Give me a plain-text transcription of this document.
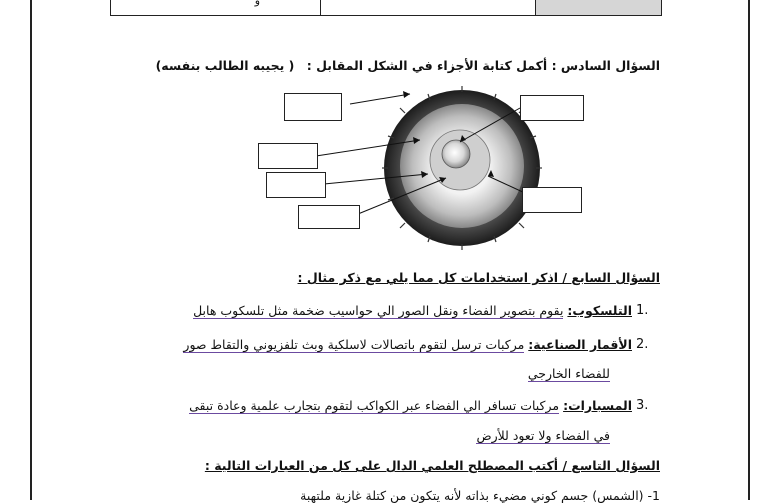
و
السؤال السادس : أكمل كتابة الأجزاء في الشكل المقابل : ( يجيبه الطالب بنفسه)
السؤال السابع / اذكر استخدامات كل مما يلي مع ذكر مثال :
1.
التلسكوب: يقوم بتصوير الفضاء ونقل الصور الي حواسيب ضخمة مثل تلسكوب هابل
2.
الأقمار الصناعية: مركبات ترسل لتقوم باتصالات لاسلكية وبث تلفزيوني والتقاط صور
للفضاء الخارجي
3.
المسبارات: مركبات تسافر الي الفضاء عبر الكواكب لتقوم بتجارب علمية وعادة تبقى
في الفضاء ولا تعود للأرض
السؤال التاسع / أكتب المصطلح العلمي الدال على كل من العبارات التالية :
1- (الشمس) جسم كوني مضيء بذاته لأنه يتكون من كتلة غازية ملتهبة
